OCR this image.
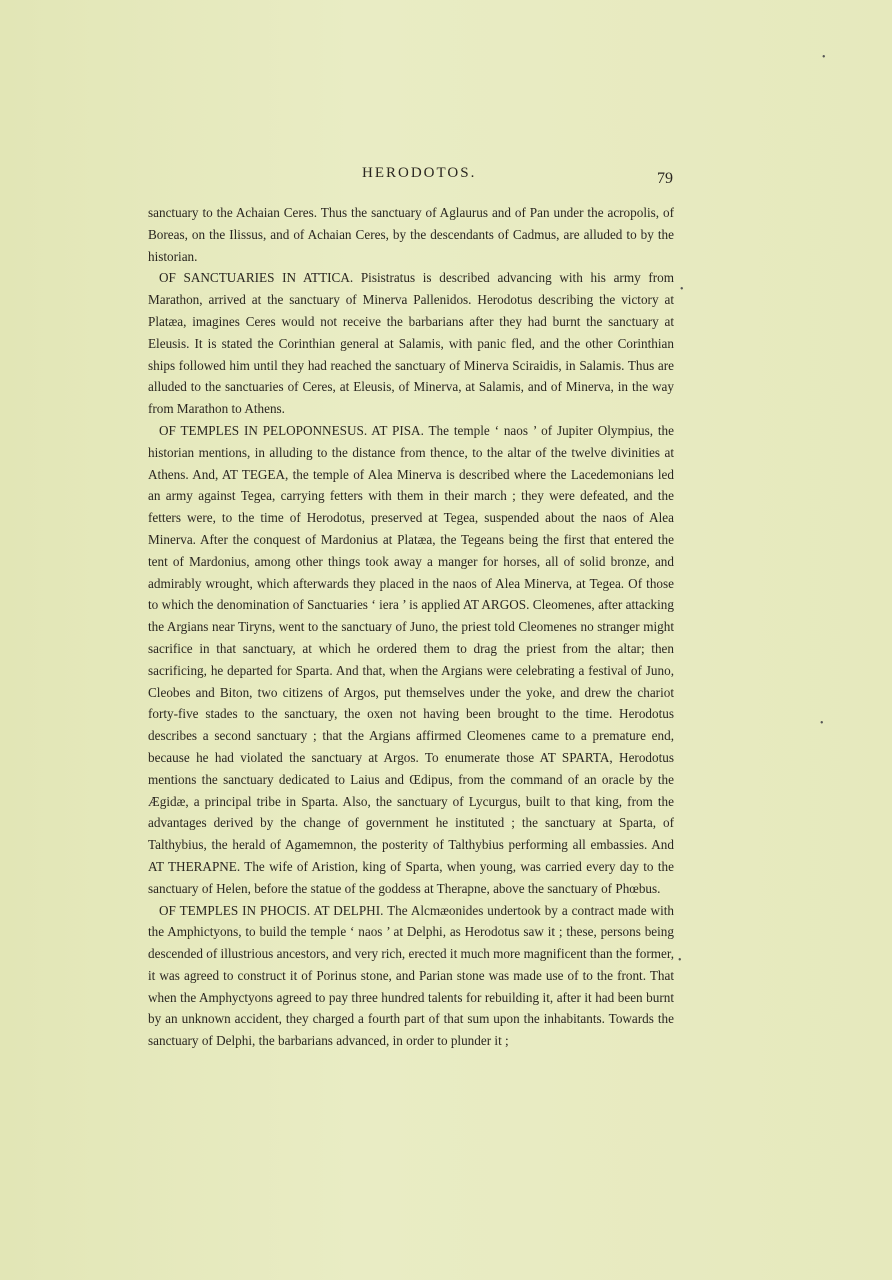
HERODOTOS.	79

sanctuary to the Achaian Ceres. Thus the sanctuary of Aglaurus and of Pan under the acropolis, of Boreas, on the Ilissus, and of Achaian Ceres, by the descendants of Cadmus, are alluded to by the historian.

OF SANCTUARIES IN ATTICA. Pisistratus is described advancing with his army from Marathon, arrived at the sanctuary of Minerva Pallenidos. Herodotus describing the victory at Platæa, imagines Ceres would not receive the barbarians after they had burnt the sanctuary at Eleusis. It is stated the Corinthian general at Salamis, with panic fled, and the other Corinthian ships followed him until they had reached the sanctuary of Minerva Sciraidis, in Salamis. Thus are alluded to the sanctuaries of Ceres, at Eleusis, of Minerva, at Salamis, and of Minerva, in the way from Marathon to Athens.

OF TEMPLES IN PELOPONNESUS. AT PISA. The temple ‘ naos ’ of Jupiter Olympius, the historian mentions, in alluding to the distance from thence, to the altar of the twelve divinities at Athens. And, AT TEGEA, the temple of Alea Minerva is described where the Lacedemonians led an army against Tegea, carrying fetters with them in their march ; they were defeated, and the fetters were, to the time of Herodotus, preserved at Tegea, suspended about the naos of Alea Minerva. After the conquest of Mardonius at Platæa, the Tegeans being the first that entered the tent of Mardonius, among other things took away a manger for horses, all of solid bronze, and admirably wrought, which afterwards they placed in the naos of Alea Minerva, at Tegea. Of those to which the denomination of Sanctuaries ‘ iera ’ is applied AT ARGOS. Cleomenes, after attacking the Argians near Tiryns, went to the sanctuary of Juno, the priest told Cleomenes no stranger might sacrifice in that sanctuary, at which he ordered them to drag the priest from the altar; then sacrificing, he departed for Sparta. And that, when the Argians were celebrating a festival of Juno, Cleobes and Biton, two citizens of Argos, put themselves under the yoke, and drew the chariot forty-five stades to the sanctuary, the oxen not having been brought to the time. Herodotus describes a second sanctuary ; that the Argians affirmed Cleomenes came to a premature end, because he had violated the sanctuary at Argos. To enumerate those AT SPARTA, Herodotus mentions the sanctuary dedicated to Laius and Œdipus, from the command of an oracle by the Ægidæ, a principal tribe in Sparta. Also, the sanctuary of Lycurgus, built to that king, from the advantages derived by the change of government he instituted ; the sanctuary at Sparta, of Talthybius, the herald of Agamemnon, the posterity of Talthybius performing all embassies. And AT THERAPNE. The wife of Aristion, king of Sparta, when young, was carried every day to the sanctuary of Helen, before the statue of the goddess at Therapne, above the sanctuary of Phœbus.

OF TEMPLES IN PHOCIS. AT DELPHI. The Alcmæonides undertook by a contract made with the Amphictyons, to build the temple ‘ naos ’ at Delphi, as Herodotus saw it ; these, persons being descended of illustrious ancestors, and very rich, erected it much more magnificent than the former, it was agreed to construct it of Porinus stone, and Parian stone was made use of to the front. That when the Amphyctyons agreed to pay three hundred talents for rebuilding it, after it had been burnt by an unknown accident, they charged a fourth part of that sum upon the inhabitants. Towards the sanctuary of Delphi, the barbarians advanced, in order to plunder it ;

•
•
•
•
